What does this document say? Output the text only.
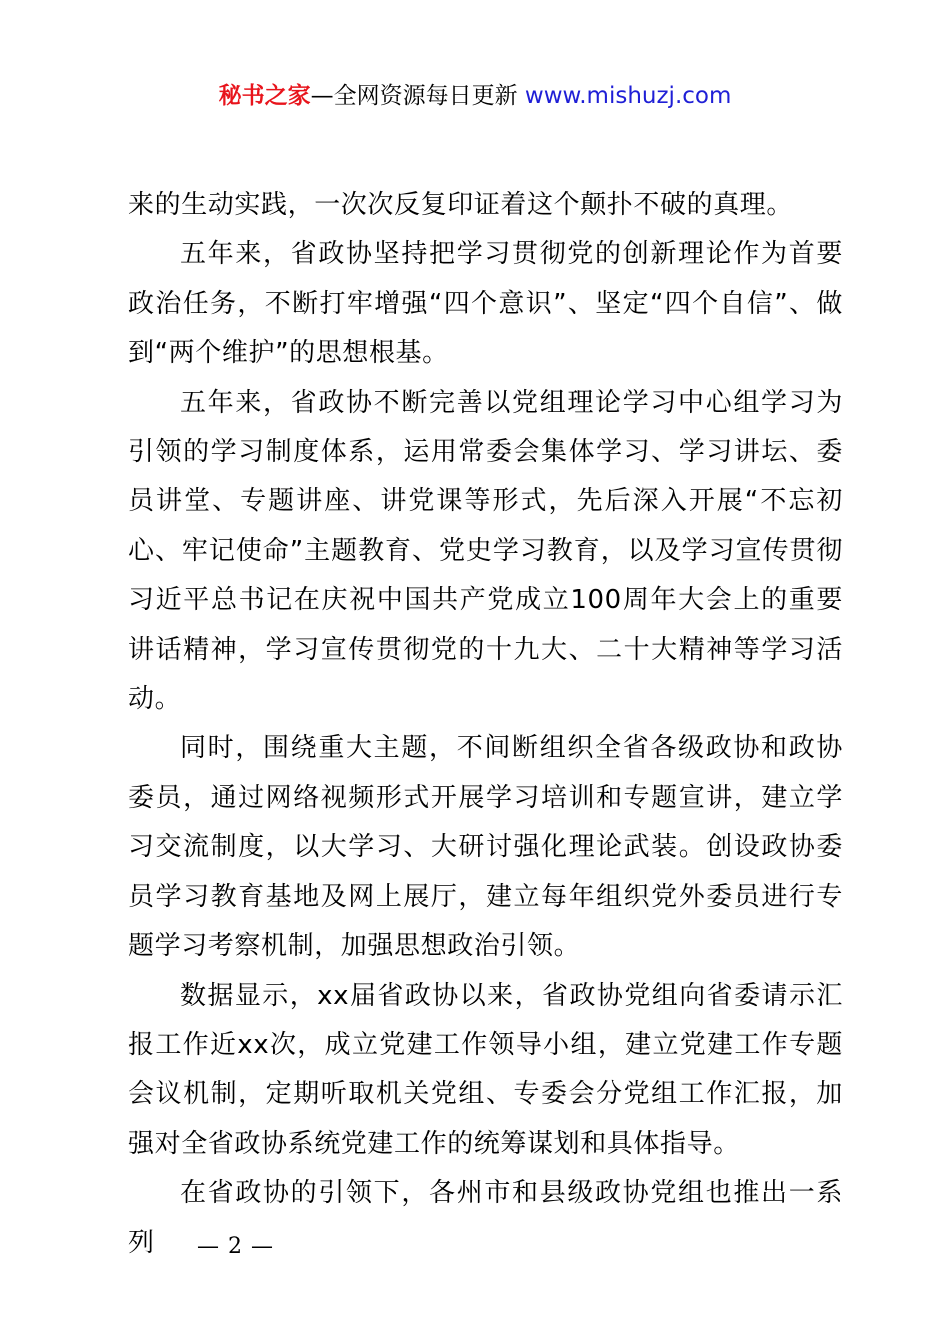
秘书之家—全网资源每日更新 www.mishuzj.com

来的生动实践，一次次反复印证着这个颠扑不破的真理。

五年来，省政协坚持把学习贯彻党的创新理论作为首要政治任务，不断打牢增强“四个意识”、坚定“四个自信”、做到“两个维护”的思想根基。

五年来，省政协不断完善以党组理论学习中心组学习为引领的学习制度体系，运用常委会集体学习、学习讲坛、委员讲堂、专题讲座、讲党课等形式，先后深入开展“不忘初心、牢记使命”主题教育、党史学习教育，以及学习宣传贯彻习近平总书记在庆祝中国共产党成立100周年大会上的重要讲话精神，学习宣传贯彻党的十九大、二十大精神等学习活动。

同时，围绕重大主题，不间断组织全省各级政协和政协委员，通过网络视频形式开展学习培训和专题宣讲，建立学习交流制度，以大学习、大研讨强化理论武装。创设政协委员学习教育基地及网上展厅，建立每年组织党外委员进行专题学习考察机制，加强思想政治引领。

数据显示，xx届省政协以来，省政协党组向省委请示汇报工作近xx次，成立党建工作领导小组，建立党建工作专题会议机制，定期听取机关党组、专委会分党组工作汇报，加强对全省政协系统党建工作的统筹谋划和具体指导。

在省政协的引领下，各州市和县级政协党组也推出一系列	— 2 —
